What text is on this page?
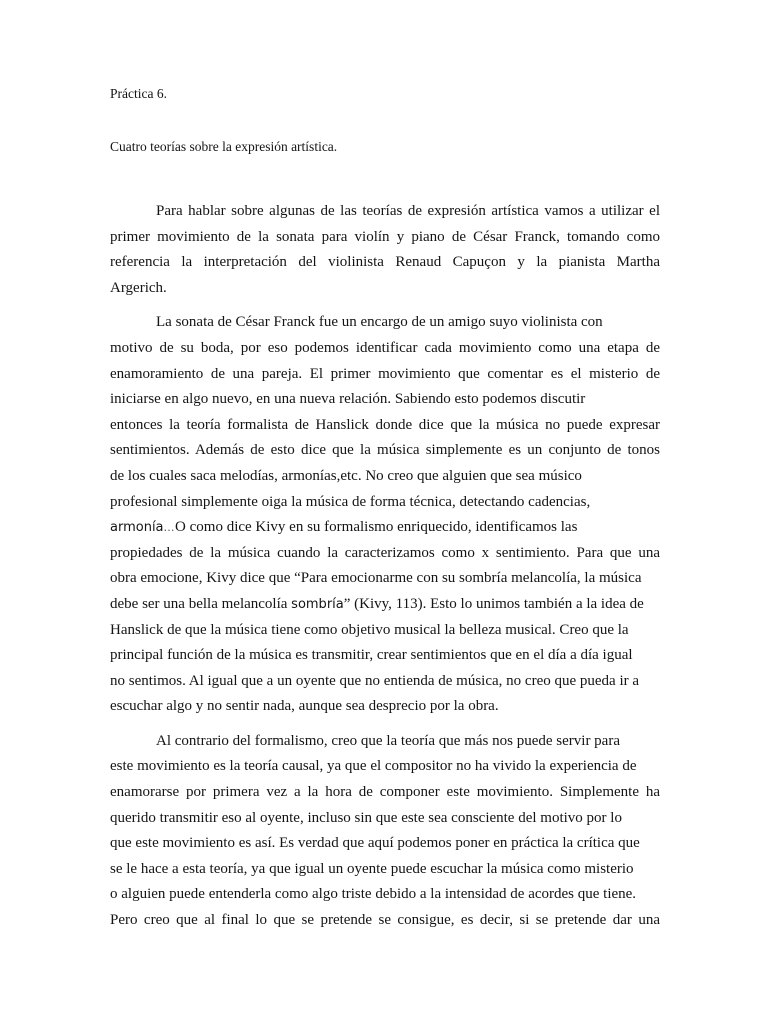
Práctica 6.
Cuatro teorías sobre la expresión artística.

Para hablar sobre algunas de las teorías de expresión artística vamos a utilizar el
primer movimiento de la sonata para violín y piano de César Franck, tomando como
referencia la interpretación del violinista Renaud Capuçon y la pianista Martha
Argerich.

La sonata de César Franck fue un encargo de un amigo suyo violinista con
motivo de su boda, por eso podemos identificar cada movimiento como una etapa de
enamoramiento de una pareja. El primer movimiento que comentar es el misterio de
iniciarse en algo nuevo, en una nueva relación. Sabiendo esto podemos discutir
entonces la teoría formalista de Hanslick donde dice que la música no puede expresar
sentimientos. Además de esto dice que la música simplemente es un conjunto de tonos
de los cuales saca melodías, armonías,etc. No creo que alguien que sea músico
profesional simplemente oiga la música de forma técnica, detectando cadencias,
armonía…O como dice Kivy en su formalismo enriquecido, identificamos las
propiedades de la música cuando la caracterizamos como x sentimiento. Para que una
obra emocione, Kivy dice que “Para emocionarme con su sombría melancolía, la música
debe ser una bella melancolía sombría” (Kivy, 113). Esto lo unimos también a la idea de
Hanslick de que la música tiene como objetivo musical la belleza musical. Creo que la
principal función de la música es transmitir, crear sentimientos que en el día a día igual
no sentimos. Al igual que a un oyente que no entienda de música, no creo que pueda ir a
escuchar algo y no sentir nada, aunque sea desprecio por la obra.

Al contrario del formalismo, creo que la teoría que más nos puede servir para
este movimiento es la teoría causal, ya que el compositor no ha vivido la experiencia de
enamorarse por primera vez a la hora de componer este movimiento. Simplemente ha
querido transmitir eso al oyente, incluso sin que este sea consciente del motivo por lo
que este movimiento es así. Es verdad que aquí podemos poner en práctica la crítica que
se le hace a esta teoría, ya que igual un oyente puede escuchar la música como misterio
o alguien puede entenderla como algo triste debido a la intensidad de acordes que tiene.
Pero creo que al final lo que se pretende se consigue, es decir, si se pretende dar una
